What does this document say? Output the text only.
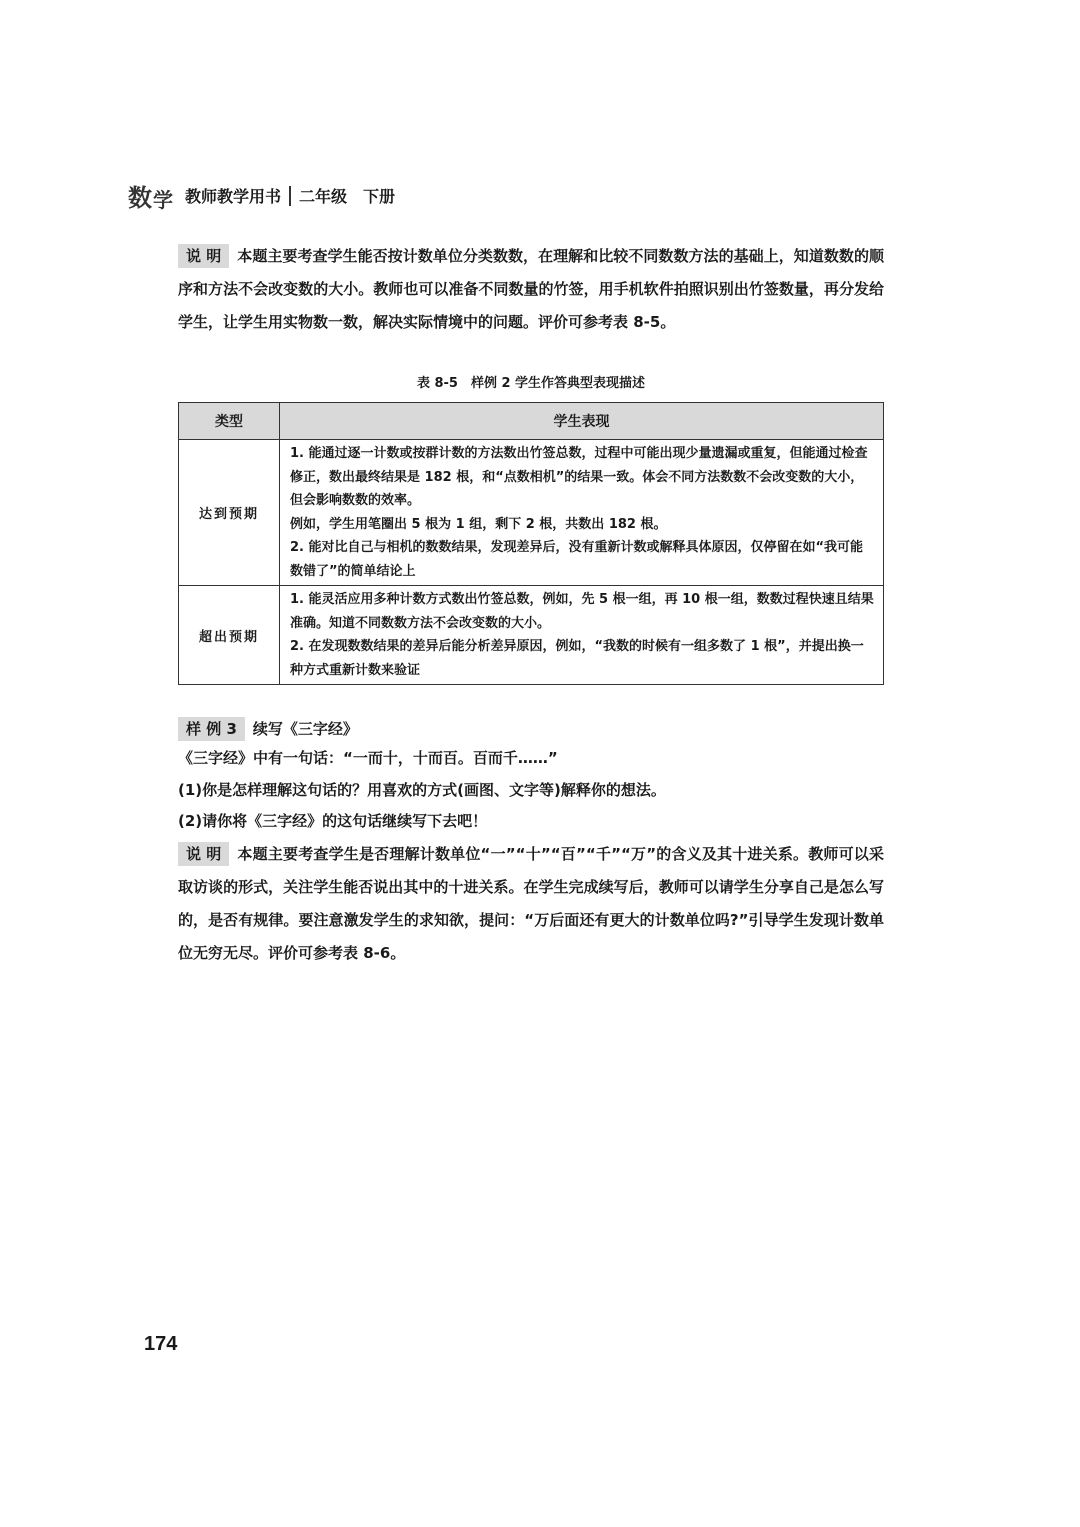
数 学 教师教学用书 二年级 下册
说 明 本题主要考查学生能否按计数单位分类数数，在理解和比较不同数数方法的基础上，知道数数的顺序和方法不会改变数的大小。教师也可以准备不同数量的竹签，用手机软件拍照识别出竹签数量，再分发给学生，让学生用实物数一数，解决实际情境中的问题。评价可参考表 8-5。
表 8-5　样例 2 学生作答典型表现描述
类型	学生表现
达到预期	1. 能通过逐一计数或按群计数的方法数出竹签总数，过程中可能出现少量遗漏或重复，但能通过检查修正，数出最终结果是 182 根，和“点数相机”的结果一致。体会不同方法数数不会改变数的大小，但会影响数数的效率。
例如，学生用笔圈出 5 根为 1 组，剩下 2 根，共数出 182 根。
2. 能对比自己与相机的数数结果，发现差异后，没有重新计数或解释具体原因，仅停留在如“我可能数错了”的简单结论上

超出预期	1. 能灵活应用多种计数方式数出竹签总数，例如，先 5 根一组，再 10 根一组，数数过程快速且结果准确。知道不同数数方法不会改变数的大小。
2. 在发现数数结果的差异后能分析差异原因，例如，“我数的时候有一组多数了 1 根”，并提出换一种方式重新计数来验证
样 例 3 续写《三字经》
《三字经》中有一句话：“一而十，十而百。百而千……”
(1)你是怎样理解这句话的？用喜欢的方式(画图、文字等)解释你的想法。
(2)请你将《三字经》的这句话继续写下去吧！
说 明 本题主要考查学生是否理解计数单位“一”“十”“百”“千”“万”的含义及其十进关系。教师可以采取访谈的形式，关注学生能否说出其中的十进关系。在学生完成续写后，教师可以请学生分享自己是怎么写的，是否有规律。要注意激发学生的求知欲，提问：“万后面还有更大的计数单位吗?”引导学生发现计数单位无穷无尽。评价可参考表 8-6。
174
